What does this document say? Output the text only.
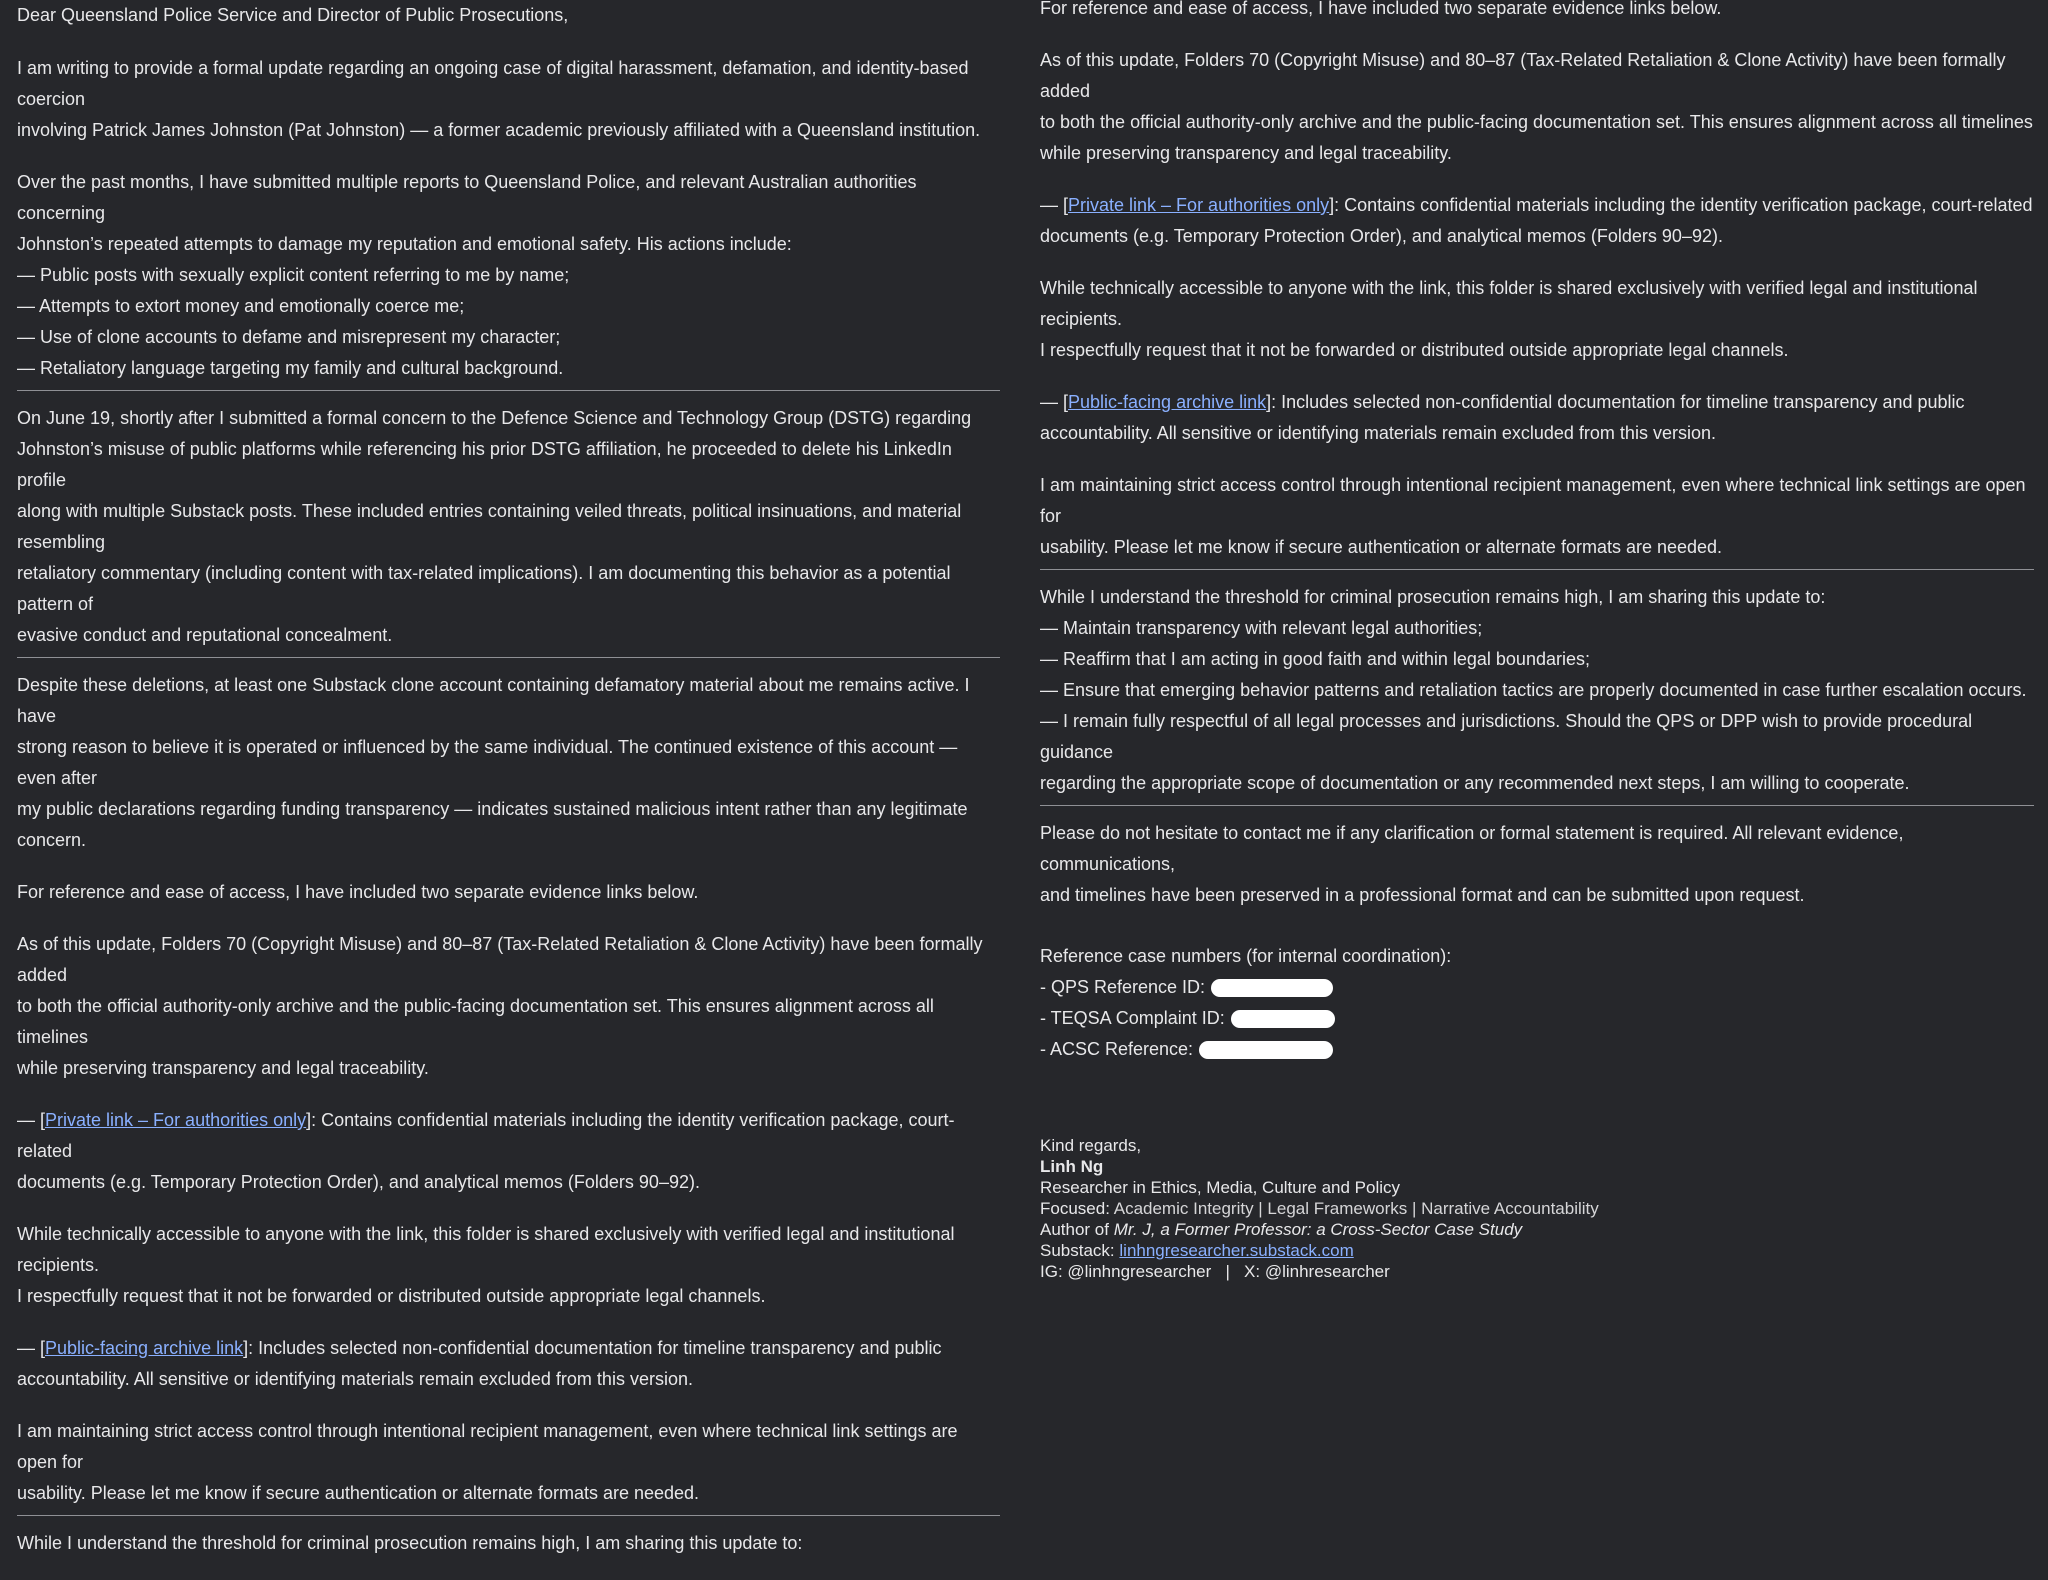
Dear Queensland Police Service and Director of Public Prosecutions,

I am writing to provide a formal update regarding an ongoing case of digital harassment, defamation, and identity-based coercion
involving Patrick James Johnston (Pat Johnston) — a former academic previously affiliated with a Queensland institution.

Over the past months, I have submitted multiple reports to Queensland Police, and relevant Australian authorities concerning
Johnston’s repeated attempts to damage my reputation and emotional safety. His actions include:
— Public posts with sexually explicit content referring to me by name;
— Attempts to extort money and emotionally coerce me;
— Use of clone accounts to defame and misrepresent my character;
— Retaliatory language targeting my family and cultural background.

On June 19, shortly after I submitted a formal concern to the Defence Science and Technology Group (DSTG) regarding
Johnston’s misuse of public platforms while referencing his prior DSTG affiliation, he proceeded to delete his LinkedIn profile
along with multiple Substack posts. These included entries containing veiled threats, political insinuations, and material resembling
retaliatory commentary (including content with tax-related implications). I am documenting this behavior as a potential pattern of
evasive conduct and reputational concealment.

Despite these deletions, at least one Substack clone account containing defamatory material about me remains active. I have
strong reason to believe it is operated or influenced by the same individual. The continued existence of this account — even after
my public declarations regarding funding transparency — indicates sustained malicious intent rather than any legitimate concern.

For reference and ease of access, I have included two separate evidence links below.

As of this update, Folders 70 (Copyright Misuse) and 80–87 (Tax-Related Retaliation & Clone Activity) have been formally added
to both the official authority-only archive and the public-facing documentation set. This ensures alignment across all timelines
while preserving transparency and legal traceability.

— [Private link – For authorities only]: Contains confidential materials including the identity verification package, court-related
documents (e.g. Temporary Protection Order), and analytical memos (Folders 90–92).

While technically accessible to anyone with the link, this folder is shared exclusively with verified legal and institutional recipients.
I respectfully request that it not be forwarded or distributed outside appropriate legal channels.

— [Public-facing archive link]: Includes selected non-confidential documentation for timeline transparency and public
accountability. All sensitive or identifying materials remain excluded from this version.

I am maintaining strict access control through intentional recipient management, even where technical link settings are open for
usability. Please let me know if secure authentication or alternate formats are needed.

While I understand the threshold for criminal prosecution remains high, I am sharing this update to:

For reference and ease of access, I have included two separate evidence links below.

As of this update, Folders 70 (Copyright Misuse) and 80–87 (Tax-Related Retaliation & Clone Activity) have been formally added
to both the official authority-only archive and the public-facing documentation set. This ensures alignment across all timelines
while preserving transparency and legal traceability.

— [Private link – For authorities only]: Contains confidential materials including the identity verification package, court-related
documents (e.g. Temporary Protection Order), and analytical memos (Folders 90–92).

While technically accessible to anyone with the link, this folder is shared exclusively with verified legal and institutional recipients.
I respectfully request that it not be forwarded or distributed outside appropriate legal channels.

— [Public-facing archive link]: Includes selected non-confidential documentation for timeline transparency and public
accountability. All sensitive or identifying materials remain excluded from this version.

I am maintaining strict access control through intentional recipient management, even where technical link settings are open for
usability. Please let me know if secure authentication or alternate formats are needed.

While I understand the threshold for criminal prosecution remains high, I am sharing this update to:
— Maintain transparency with relevant legal authorities;
— Reaffirm that I am acting in good faith and within legal boundaries;
— Ensure that emerging behavior patterns and retaliation tactics are properly documented in case further escalation occurs.
— I remain fully respectful of all legal processes and jurisdictions. Should the QPS or DPP wish to provide procedural guidance
regarding the appropriate scope of documentation or any recommended next steps, I am willing to cooperate.

Please do not hesitate to contact me if any clarification or formal statement is required. All relevant evidence, communications,
and timelines have been preserved in a professional format and can be submitted upon request.

Reference case numbers (for internal coordination):
- QPS Reference ID:
- TEQSA Complaint ID:
- ACSC Reference:
Kind regards,
Linh Ng
Researcher in Ethics, Media, Culture and Policy
Focused: Academic Integrity | Legal Frameworks | Narrative Accountability
Author of Mr. J, a Former Professor: a Cross-Sector Case Study
Substack: linhngresearcher.substack.com
IG: @linhngresearcher   |   X: @linhresearcher
